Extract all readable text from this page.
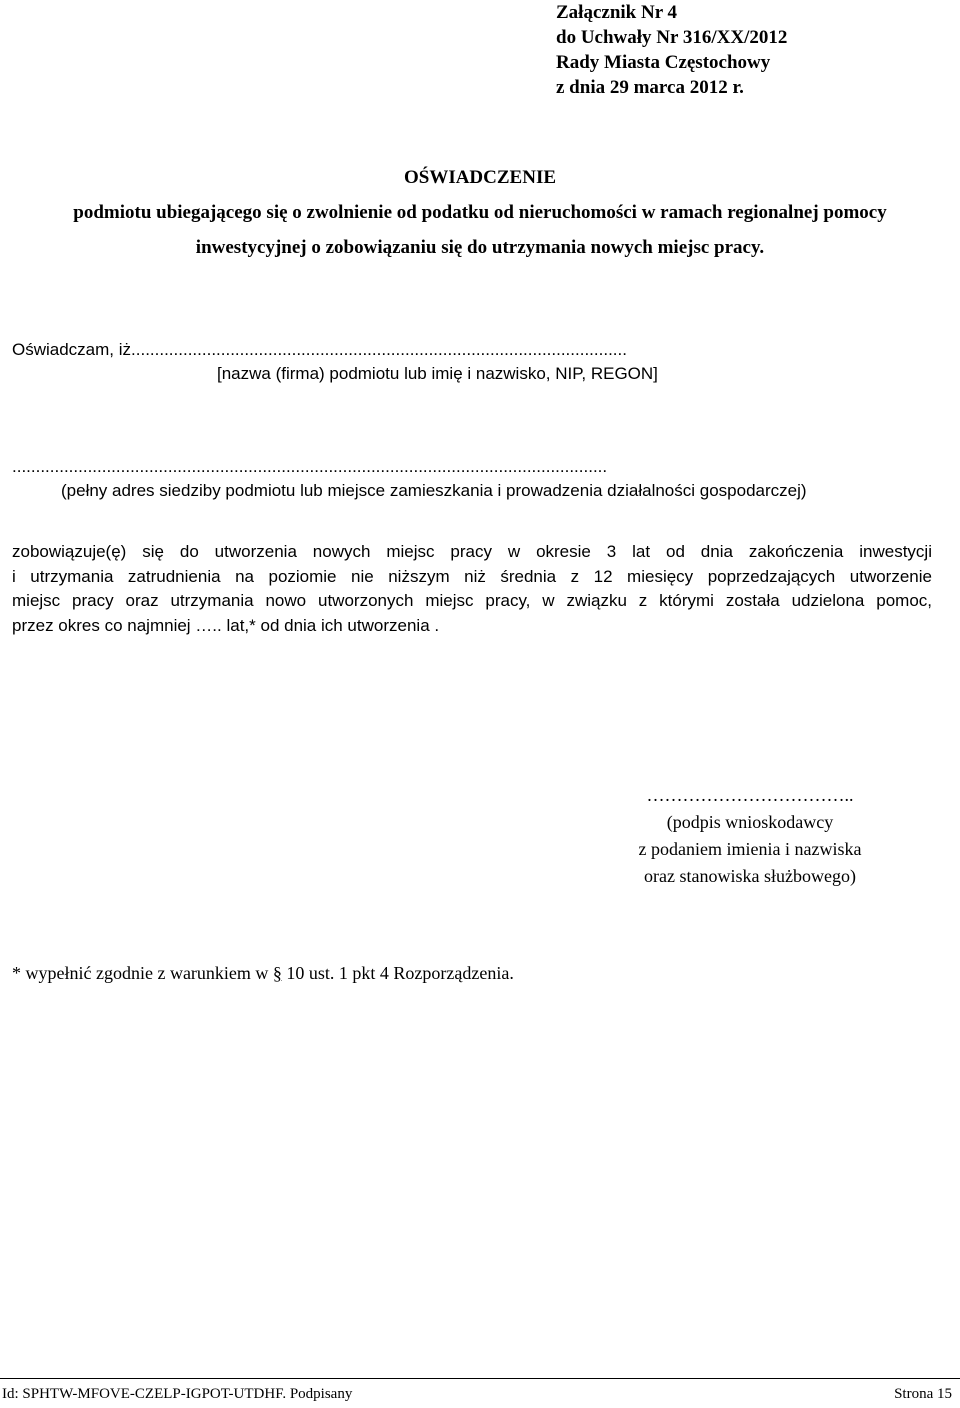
Załącznik Nr 4
do Uchwały Nr 316/XX/2012
Rady Miasta Częstochowy
z dnia 29 marca 2012 r.
OŚWIADCZENIE
podmiotu ubiegającego się o zwolnienie od podatku od nieruchomości w ramach regionalnej pomocy
inwestycyjnej o zobowiązaniu się do utrzymania nowych miejsc pracy.
Oświadczam, iż.........................................................................................................
[nazwa (firma) podmiotu lub imię i nazwisko, NIP, REGON]
..............................................................................................................................
(pełny adres siedziby podmiotu lub miejsce zamieszkania i prowadzenia działalności gospodarczej)
zobowiązuje(ę) się do utworzenia nowych miejsc pracy w okresie 3 lat od dnia zakończenia inwestycji
i utrzymania zatrudnienia na poziomie nie niższym niż średnia z 12 miesięcy poprzedzających utworzenie
miejsc pracy oraz utrzymania nowo utworzonych miejsc pracy, w związku z którymi została udzielona pomoc,
przez okres co najmniej ….. lat,* od dnia ich utworzenia .
……………………………..
(podpis wnioskodawcy
z podaniem imienia i nazwiska
oraz stanowiska służbowego)
* wypełnić zgodnie z warunkiem w § 10 ust. 1 pkt 4 Rozporządzenia.
Id: SPHTW-MFOVE-CZELP-IGPOT-UTDHF. Podpisany	Strona 15
